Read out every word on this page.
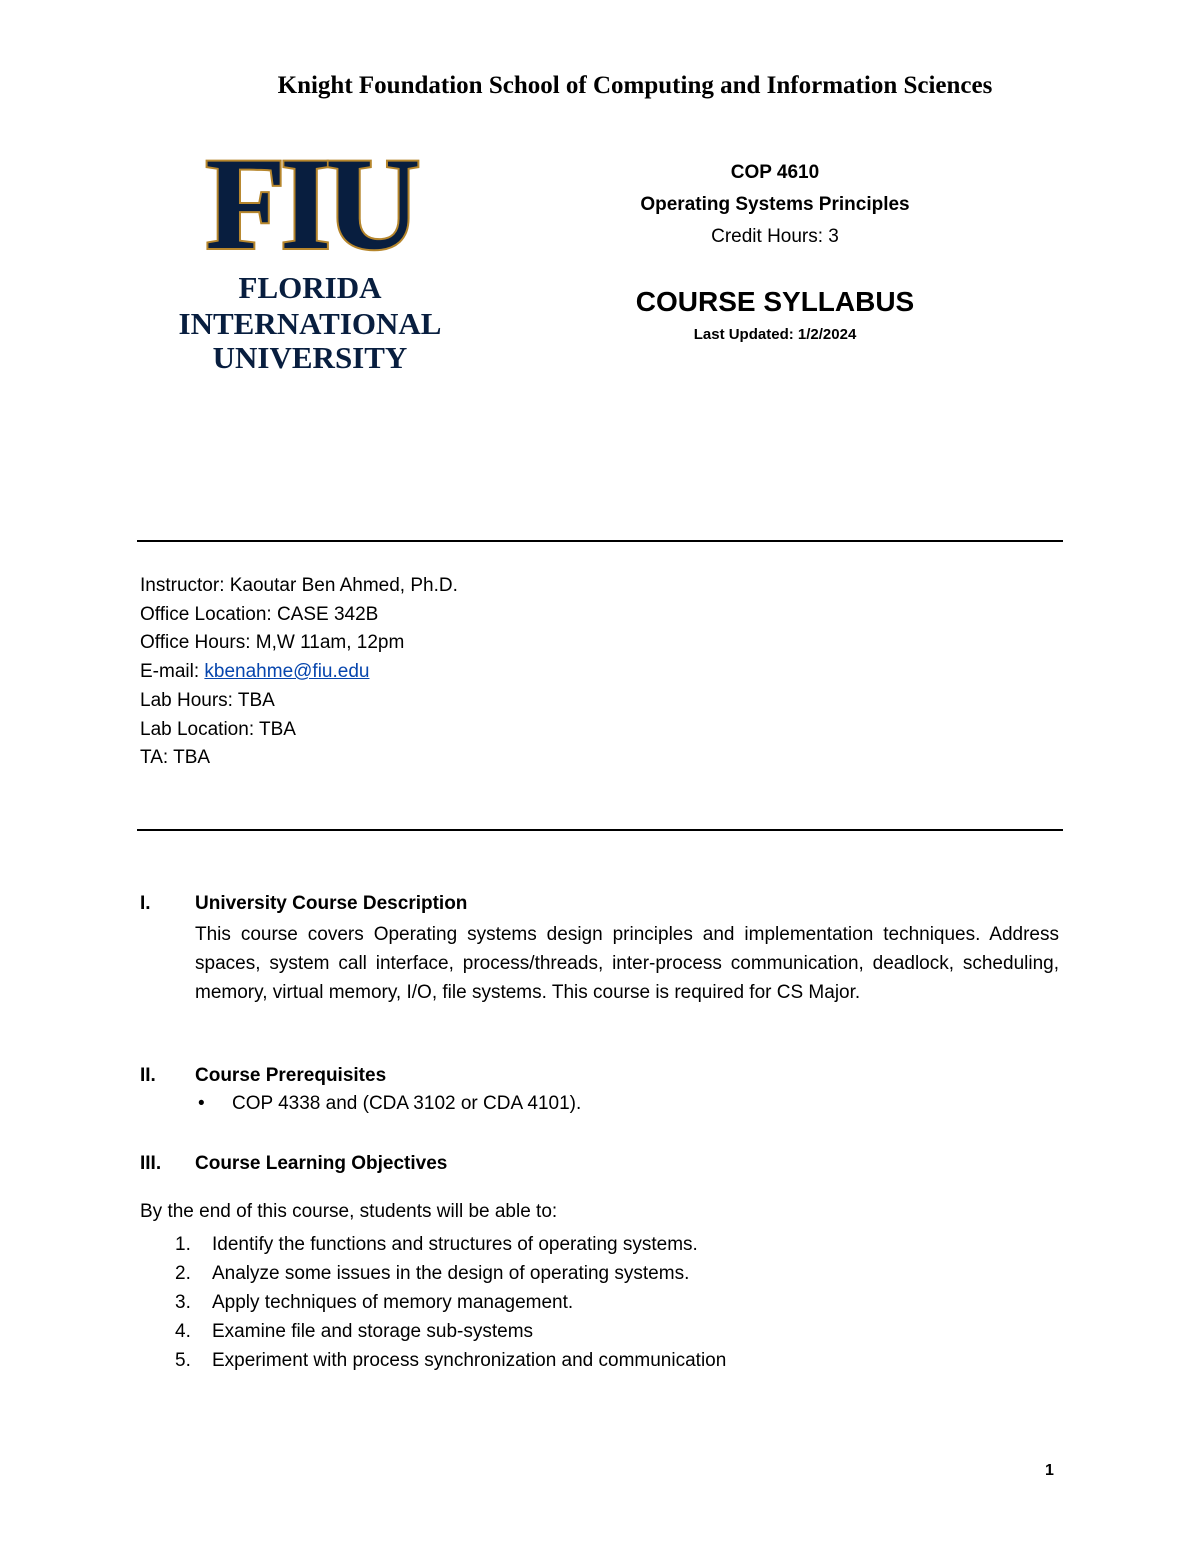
Knight Foundation School of Computing and Information Sciences
FIU
FLORIDA
INTERNATIONAL
UNIVERSITY
COP 4610
Operating Systems Principles
Credit Hours: 3
COURSE SYLLABUS
Last Updated: 1/2/2024
Instructor: Kaoutar Ben Ahmed, Ph.D.
Office Location: CASE 342B
Office Hours: M,W 11am, 12pm
E-mail: kbenahme@fiu.edu
Lab Hours: TBA
Lab Location: TBA
TA: TBA
I. University Course Description
This course covers Operating systems design principles and implementation techniques. Address spaces, system call interface, process/threads, inter-process communication, deadlock, scheduling, memory, virtual memory, I/O, file systems. This course is required for CS Major.
II. Course Prerequisites
• COP 4338 and (CDA 3102 or CDA 4101).
III. Course Learning Objectives
By the end of this course, students will be able to:
1. Identify the functions and structures of operating systems.
2. Analyze some issues in the design of operating systems.
3. Apply techniques of memory management.
4. Examine file and storage sub-systems
5. Experiment with process synchronization and communication
1
